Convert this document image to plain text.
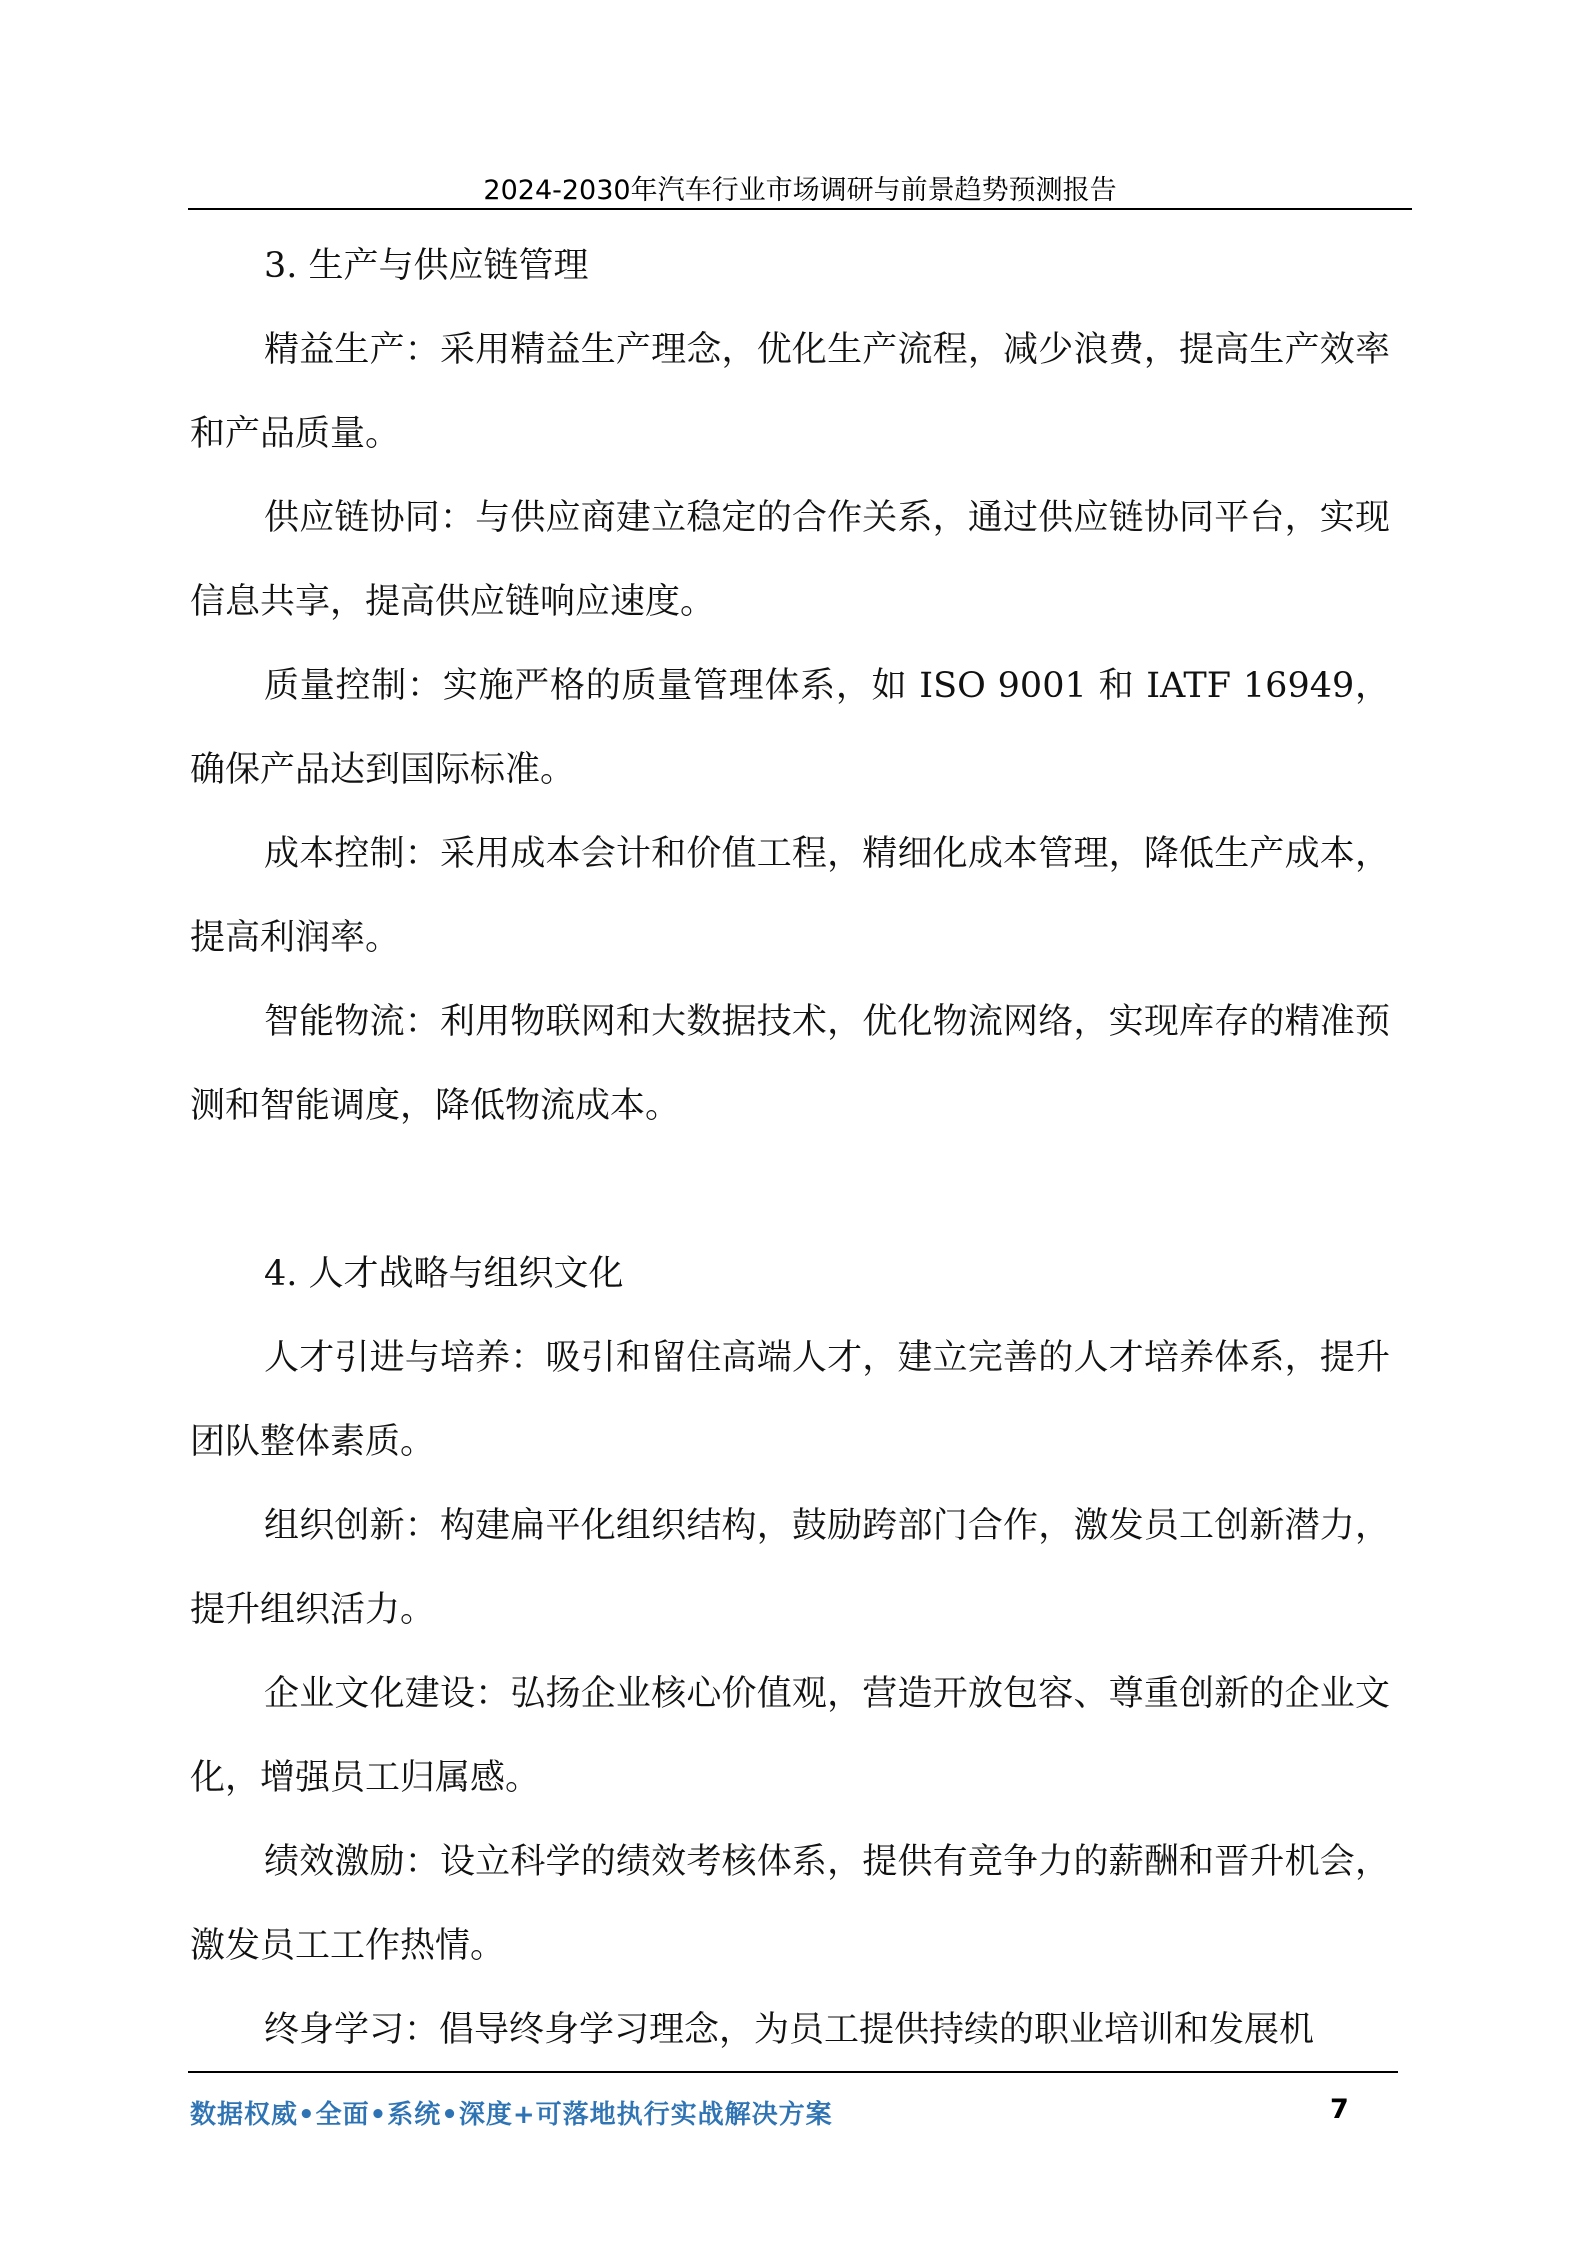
2024-2030年汽车行业市场调研与前景趋势预测报告

3. 生产与供应链管理

精益生产：采用精益生产理念，优化生产流程，减少浪费，提高生产效率和产品质量。

供应链协同：与供应商建立稳定的合作关系，通过供应链协同平台，实现信息共享，提高供应链响应速度。

质量控制：实施严格的质量管理体系，如 ISO 9001 和 IATF 16949，确保产品达到国际标准。

成本控制：采用成本会计和价值工程，精细化成本管理，降低生产成本，提高利润率。

智能物流：利用物联网和大数据技术，优化物流网络，实现库存的精准预测和智能调度，降低物流成本。

4. 人才战略与组织文化

人才引进与培养：吸引和留住高端人才，建立完善的人才培养体系，提升团队整体素质。

组织创新：构建扁平化组织结构，鼓励跨部门合作，激发员工创新潜力，提升组织活力。

企业文化建设：弘扬企业核心价值观，营造开放包容、尊重创新的企业文化，增强员工归属感。

绩效激励：设立科学的绩效考核体系，提供有竞争力的薪酬和晋升机会，激发员工工作热情。

终身学习：倡导终身学习理念，为员工提供持续的职业培训和发展机

数据权威•全面•系统•深度+可落地执行实战解决方案	7
